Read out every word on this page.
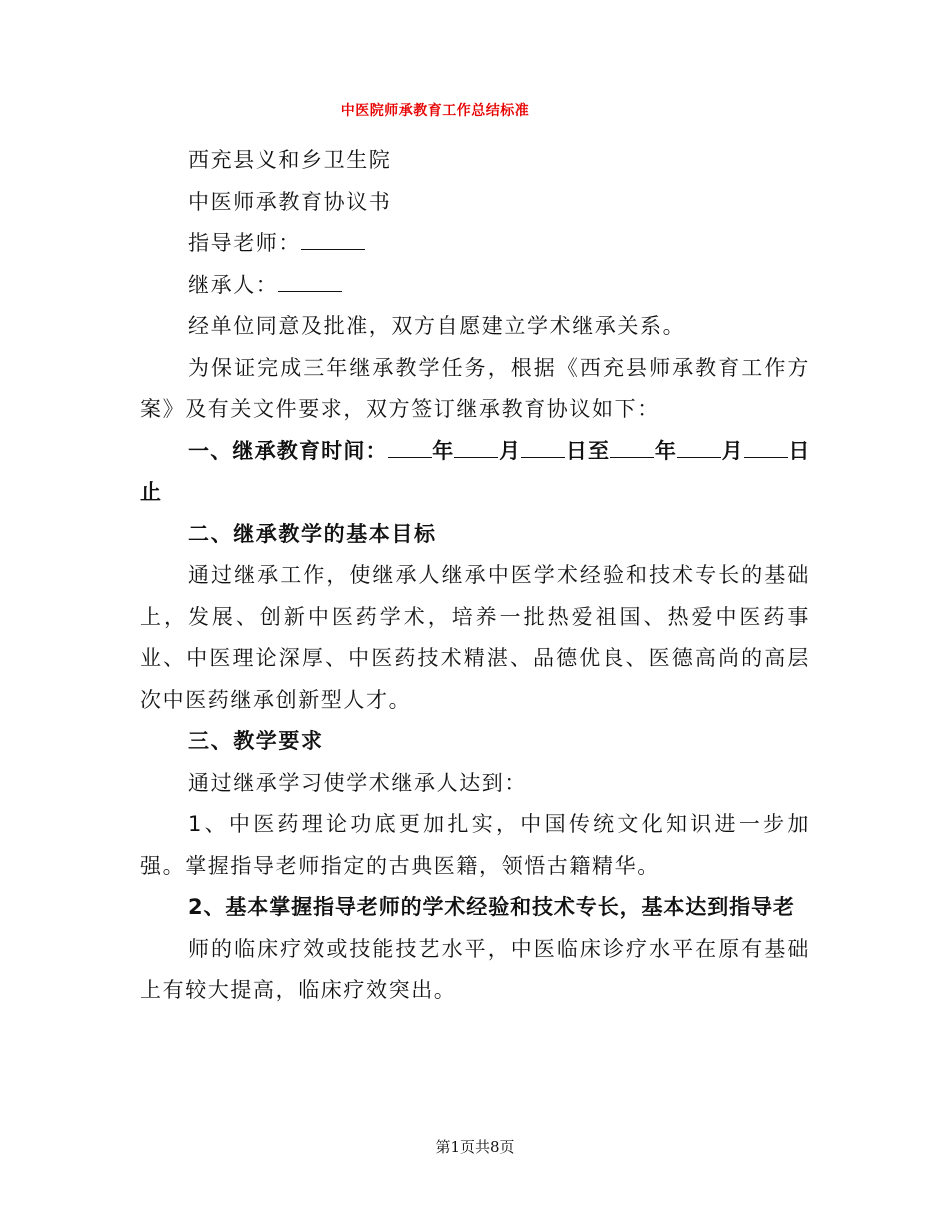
中医院师承教育工作总结标准

西充县义和乡卫生院

中医师承教育协议书

指导老师：

继承人：

经单位同意及批准，双方自愿建立学术继承关系。

为保证完成三年继承教学任务，根据《西充县师承教育工作方案》及有关文件要求，双方签订继承教育协议如下：

一、继承教育时间： 年 月 日至 年 月 日止

二、继承教学的基本目标

通过继承工作，使继承人继承中医学术经验和技术专长的基础上，发展、创新中医药学术，培养一批热爱祖国、热爱中医药事业、中医理论深厚、中医药技术精湛、品德优良、医德高尚的高层次中医药继承创新型人才。

三、教学要求

通过继承学习使学术继承人达到：

1、中医药理论功底更加扎实，中国传统文化知识进一步加强。掌握指导老师指定的古典医籍，领悟古籍精华。

2、基本掌握指导老师的学术经验和技术专长，基本达到指导老

师的临床疗效或技能技艺水平，中医临床诊疗水平在原有基础上有较大提高，临床疗效突出。

第1页共8页
